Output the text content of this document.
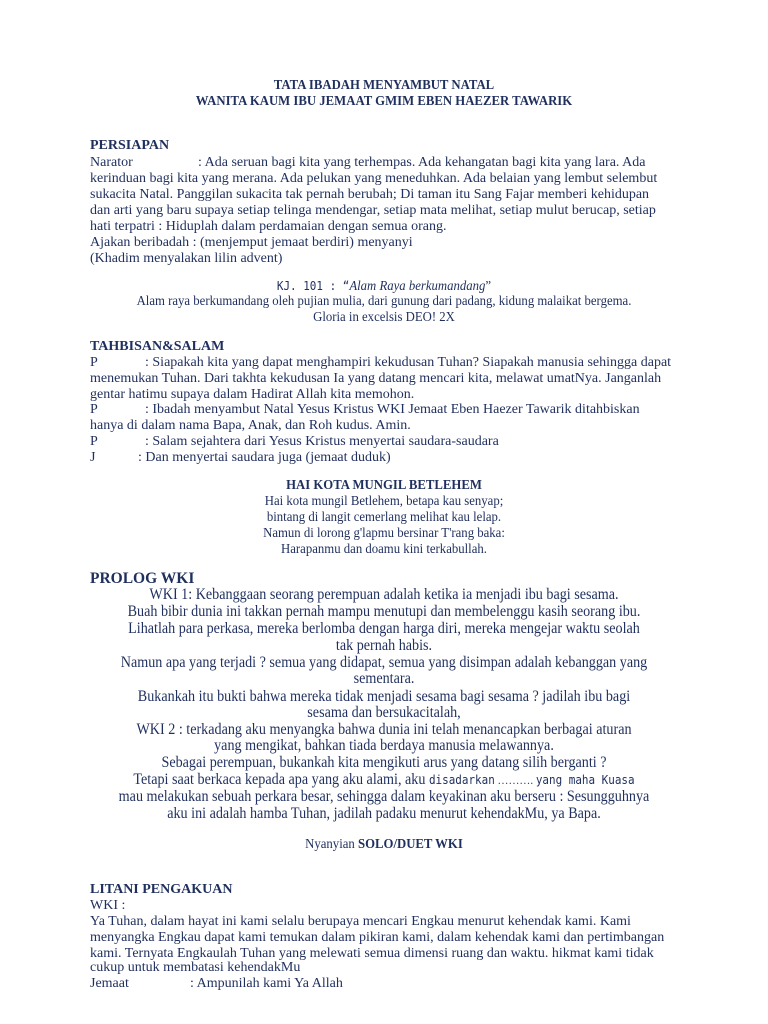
TATA IBADAH MENYAMBUT NATAL
WANITA KAUM IBU JEMAAT GMIM EBEN HAEZER TAWARIK
PERSIAPAN
Narator	: Ada seruan bagi kita yang terhempas. Ada kehangatan bagi kita yang lara. Ada
kerinduan bagi kita yang merana. Ada pelukan yang meneduhkan. Ada belaian yang lembut selembut
sukacita Natal. Panggilan sukacita tak pernah berubah; Di taman itu Sang Fajar memberi kehidupan
dan arti yang baru supaya setiap telinga mendengar, setiap mata melihat, setiap mulut berucap, setiap
hati terpatri : Hiduplah dalam perdamaian dengan semua orang.
Ajakan beribadah : (menjemput jemaat berdiri) menyanyi
(Khadim menyalakan lilin advent)
KJ. 101 : “Alam Raya berkumandang”
Alam raya berkumandang oleh pujian mulia, dari gunung dari padang, kidung malaikat bergema.
Gloria in excelsis DEO! 2X
TAHBISAN&SALAM
P	: Siapakah kita yang dapat menghampiri kekudusan Tuhan? Siapakah manusia sehingga dapat
menemukan Tuhan. Dari takhta kekudusan Ia yang datang mencari kita, melawat umatNya. Janganlah
gentar hatimu supaya dalam Hadirat Allah kita memohon.
P	: Ibadah menyambut Natal Yesus Kristus WKI Jemaat Eben Haezer Tawarik ditahbiskan
hanya di dalam nama Bapa, Anak, dan Roh kudus. Amin.
P	: Salam sejahtera dari Yesus Kristus menyertai saudara-saudara
J	: Dan menyertai saudara juga (jemaat duduk)
HAI KOTA MUNGIL BETLEHEM
Hai kota mungil Betlehem, betapa kau senyap;
bintang di langit cemerlang melihat kau lelap.
Namun di lorong g'lapmu bersinar T'rang baka:
Harapanmu dan doamu kini terkabullah.
PROLOG WKI
WKI 1: Kebanggaan seorang perempuan adalah ketika ia menjadi ibu bagi sesama.
Buah bibir dunia ini takkan pernah mampu menutupi dan membelenggu kasih seorang ibu.
Lihatlah para perkasa, mereka berlomba dengan harga diri, mereka mengejar waktu seolah
tak pernah habis.
Namun apa yang terjadi ? semua yang didapat, semua yang disimpan adalah kebanggan yang
sementara.
Bukankah itu bukti bahwa mereka tidak menjadi sesama bagi sesama ? jadilah ibu bagi
sesama dan bersukacitalah,
WKI 2 : terkadang aku menyangka bahwa dunia ini telah menancapkan berbagai aturan
yang mengikat, bahkan tiada berdaya manusia melawannya.
Sebagai perempuan, bukankah kita mengikuti arus yang datang silih berganti ?
Tetapi saat berkaca kepada apa yang aku alami, aku disadarkan ………. yang maha Kuasa
mau melakukan sebuah perkara besar, sehingga dalam keyakinan aku berseru : Sesungguhnya
aku ini adalah hamba Tuhan, jadilah padaku menurut kehendakMu, ya Bapa.
Nyanyian SOLO/DUET WKI
LITANI PENGAKUAN
WKI :
Ya Tuhan, dalam hayat ini kami selalu berupaya mencari Engkau menurut kehendak kami. Kami
menyangka Engkau dapat kami temukan dalam pikiran kami, dalam kehendak kami dan pertimbangan
kami. Ternyata Engkaulah Tuhan yang melewati semua dimensi ruang dan waktu. hikmat kami tidak
cukup untuk membatasi kehendakMu
Jemaat	: Ampunilah kami Ya Allah
